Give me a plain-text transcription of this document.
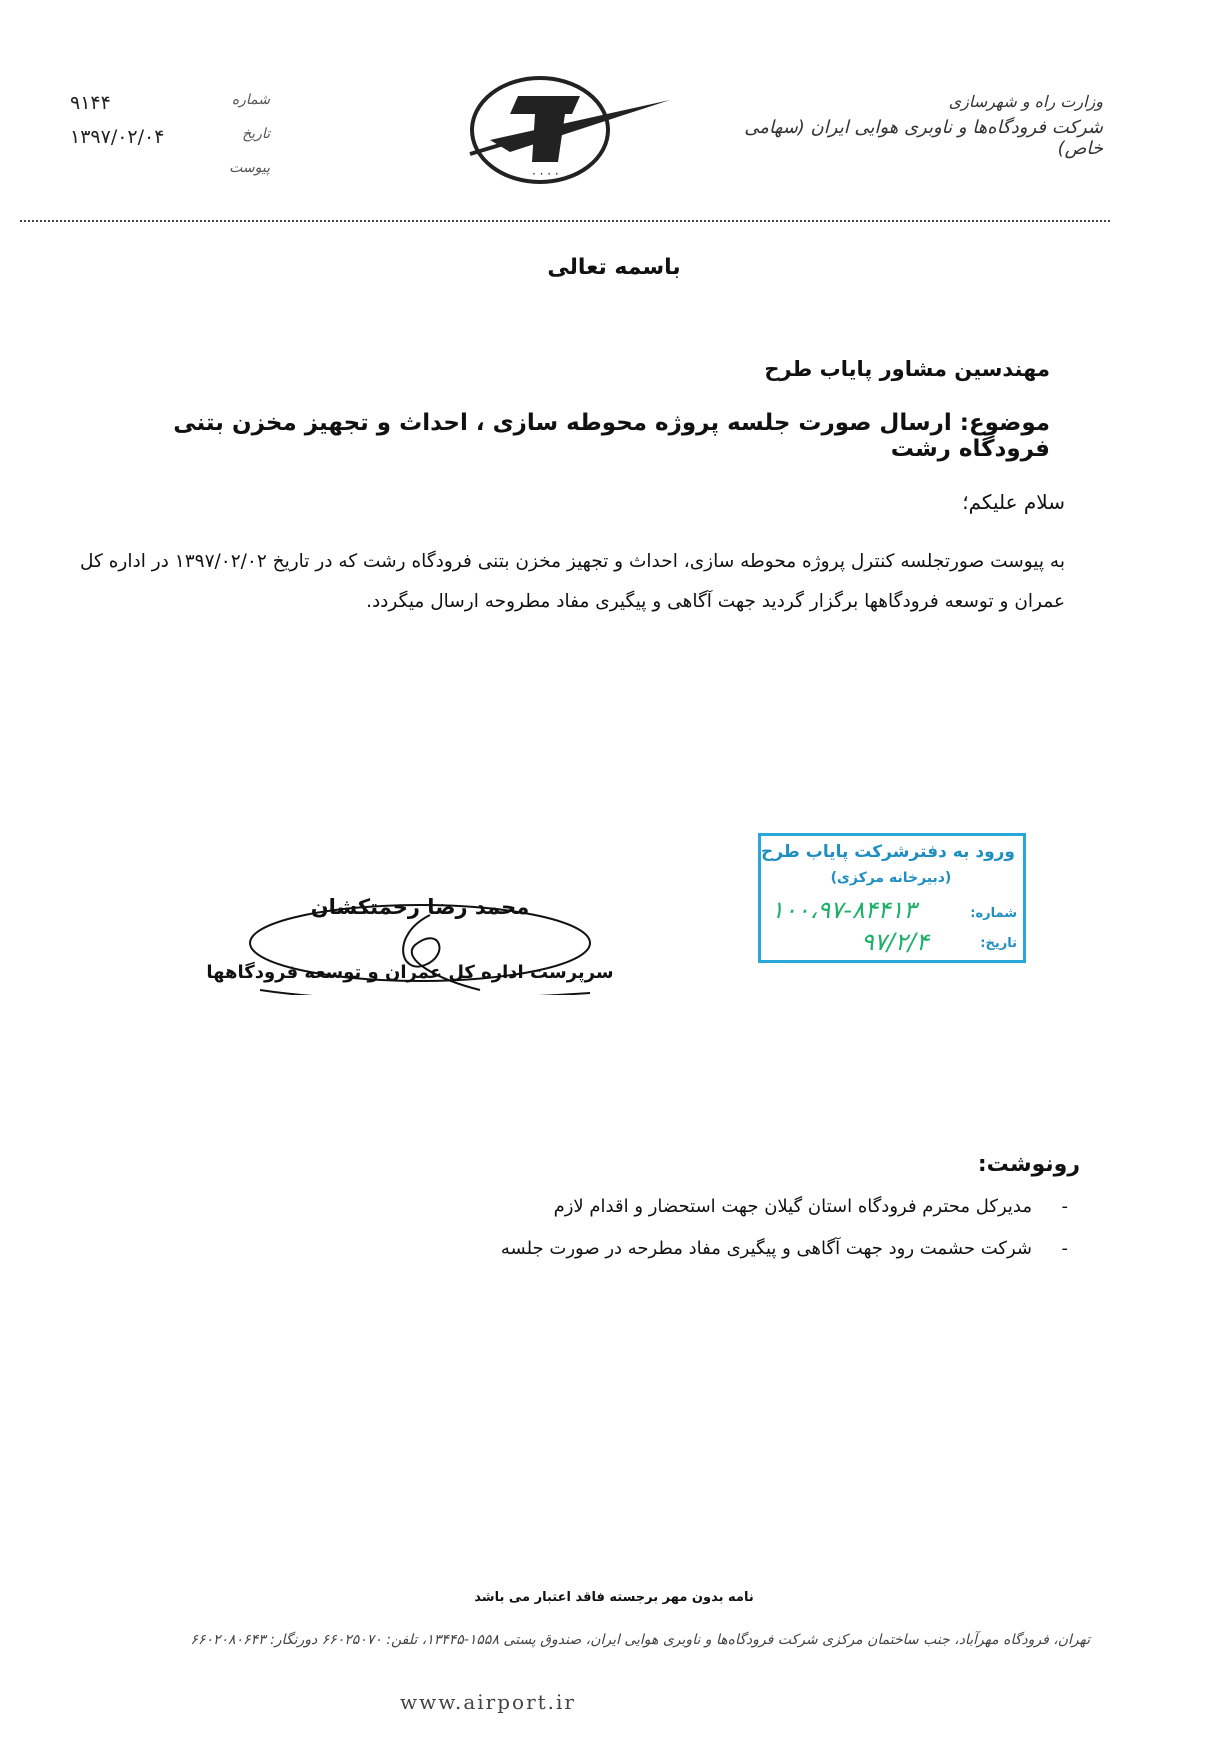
۹۱۴۴	شماره
۱۳۹۷/۰۲/۰۴	تاریخ
پیوست	· · · ·
وزارت راه و شهرسازی
شرکت فرودگاه‌ها و ناوبری هوایی ایران (سهامی خاص)
باسمه تعالی
مهندسین مشاور پایاب طرح
موضوع: ارسال صورت جلسه پروژه محوطه سازی ، احداث و تجهیز مخزن بتنی فرودگاه رشت
سلام علیکم؛
به پیوست صورتجلسه کنترل پروژه محوطه سازی، احداث و تجهیز مخزن بتنی فرودگاه رشت که در تاریخ ۱۳۹۷/۰۲/۰۲ در اداره کل عمران و توسعه فرودگاهها برگزار گردید جهت آگاهی و پیگیری مفاد مطروحه ارسال میگردد.
ورود به دفترشرکت پایاب طرح
(دبیرخانه مرکزی)
شماره:
۱۰۰،۹۷-۸۴۴۱۳
تاریخ:
۹۷/۲/۴
محمد رضا زحمتکشان
سرپرست اداره کل عمران و توسعه فرودگاهها
رونوشت:
-
مدیرکل محترم فرودگاه استان گیلان جهت استحضار و اقدام لازم
-
شرکت حشمت رود جهت آگاهی و پیگیری مفاد مطرحه در صورت جلسه
نامه بدون مهر برجسته فاقد اعتبار می باشد
تهران، فرودگاه مهرآباد، جنب ساختمان مرکزی شرکت فرودگاه‌ها و ناوبری هوایی ایران، صندوق پستی ۱۵۵۸-۱۳۴۴۵، تلفن: ۶۶۰۲۵۰۷۰ دورنگار: ۶۶۰۲۰۸۰۶۴۳
www.airport.ir
